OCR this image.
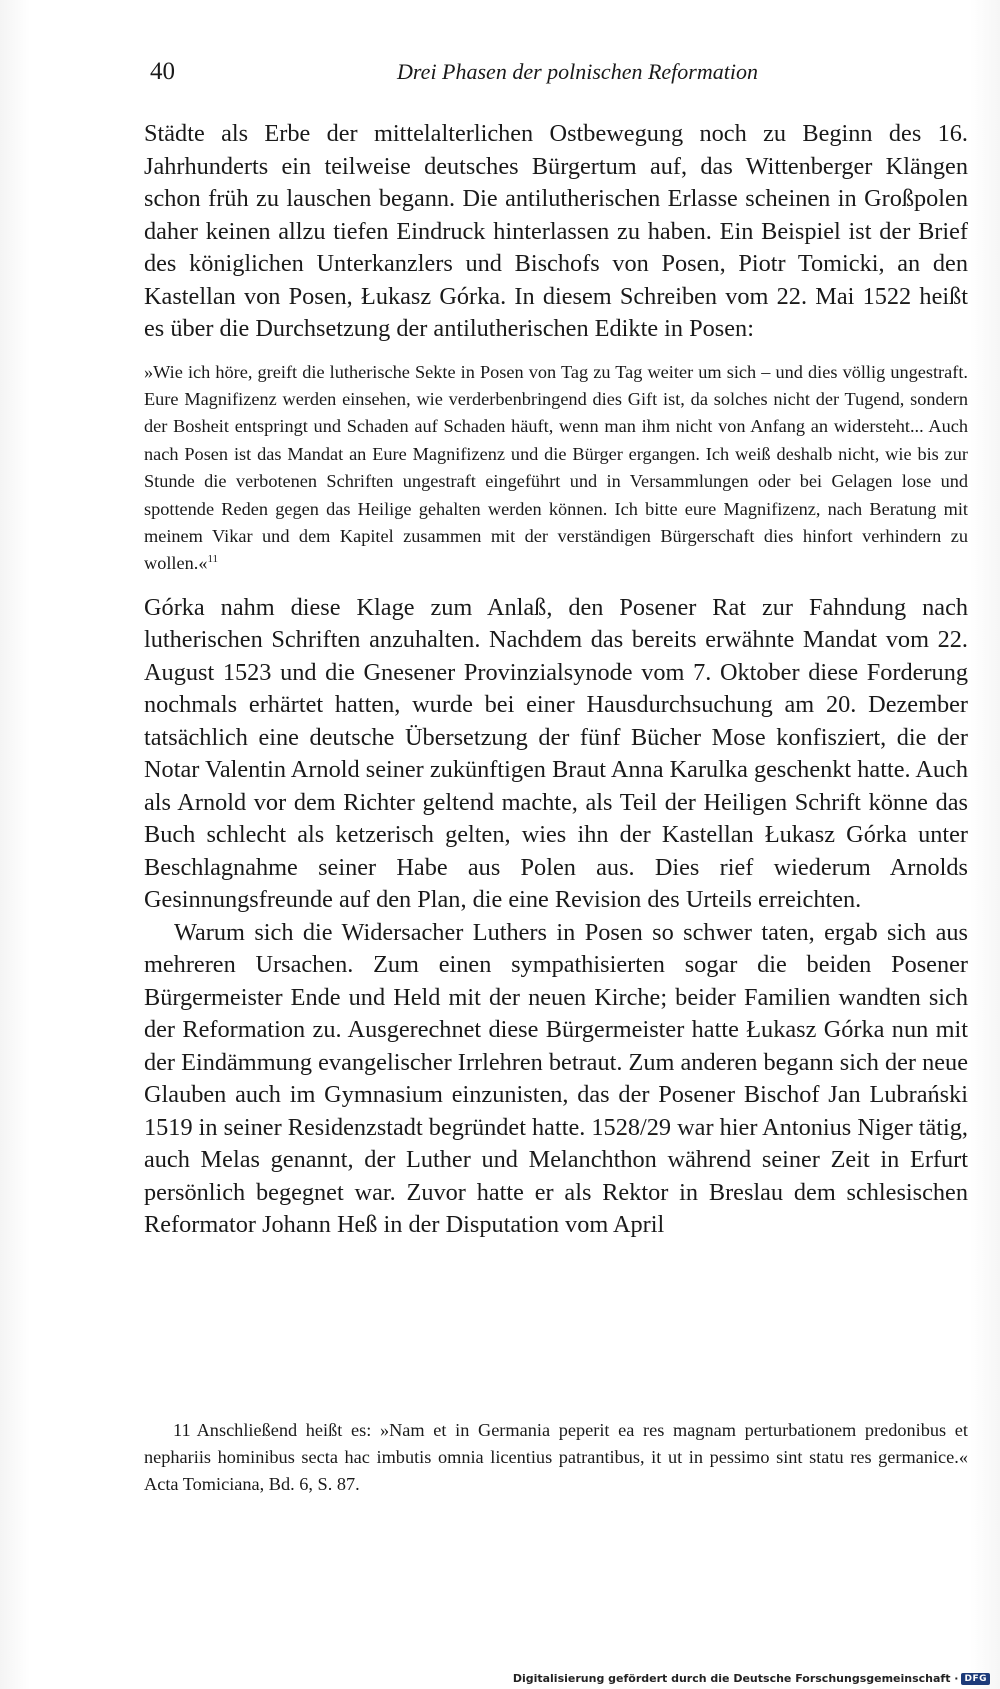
40	Drei Phasen der polnischen Reformation

Städte als Erbe der mittelalterlichen Ostbewegung noch zu Beginn des 16. Jahrhunderts ein teilweise deutsches Bürgertum auf, das Wittenberger Klängen schon früh zu lauschen begann. Die antilutherischen Erlasse scheinen in Großpolen daher keinen allzu tiefen Eindruck hinterlassen zu haben. Ein Beispiel ist der Brief des königlichen Unterkanzlers und Bischofs von Posen, Piotr Tomicki, an den Kastellan von Posen, Łukasz Górka. In diesem Schreiben vom 22. Mai 1522 heißt es über die Durchsetzung der antilutherischen Edikte in Posen:

»Wie ich höre, greift die lutherische Sekte in Posen von Tag zu Tag weiter um sich – und dies völlig ungestraft. Eure Magnifizenz werden einsehen, wie verderbenbringend dies Gift ist, da solches nicht der Tugend, sondern der Bosheit entspringt und Schaden auf Schaden häuft, wenn man ihm nicht von Anfang an widersteht... Auch nach Posen ist das Mandat an Eure Magnifizenz und die Bürger ergangen. Ich weiß deshalb nicht, wie bis zur Stunde die verbotenen Schriften ungestraft eingeführt und in Versammlungen oder bei Gelagen lose und spottende Reden gegen das Heilige gehalten werden können. Ich bitte eure Magnifizenz, nach Beratung mit meinem Vikar und dem Kapitel zusammen mit der verständigen Bürgerschaft dies hinfort verhindern zu wollen.«$^{11}$

Górka nahm diese Klage zum Anlaß, den Posener Rat zur Fahndung nach lutherischen Schriften anzuhalten. Nachdem das bereits erwähnte Mandat vom 22. August 1523 und die Gnesener Provinzialsynode vom 7. Oktober diese Forderung nochmals erhärtet hatten, wurde bei einer Hausdurchsuchung am 20. Dezember tatsächlich eine deutsche Übersetzung der fünf Bücher Mose konfisziert, die der Notar Valentin Arnold seiner zukünftigen Braut Anna Karulka geschenkt hatte. Auch als Arnold vor dem Richter geltend machte, als Teil der Heiligen Schrift könne das Buch schlecht als ketzerisch gelten, wies ihn der Kastellan Łukasz Górka unter Beschlagnahme seiner Habe aus Polen aus. Dies rief wiederum Arnolds Gesinnungsfreunde auf den Plan, die eine Revision des Urteils erreichten.

Warum sich die Widersacher Luthers in Posen so schwer taten, ergab sich aus mehreren Ursachen. Zum einen sympathisierten sogar die beiden Posener Bürgermeister Ende und Held mit der neuen Kirche; beider Familien wandten sich der Reformation zu. Ausgerechnet diese Bürgermeister hatte Łukasz Górka nun mit der Eindämmung evangelischer Irrlehren betraut. Zum anderen begann sich der neue Glauben auch im Gymnasium einzunisten, das der Posener Bischof Jan Lubrański 1519 in seiner Residenzstadt begründet hatte. 1528/29 war hier Antonius Niger tätig, auch Melas genannt, der Luther und Melanchthon während seiner Zeit in Erfurt persönlich begegnet war. Zuvor hatte er als Rektor in Breslau dem schlesischen Reformator Johann Heß in der Disputation vom April

11 Anschließend heißt es: »Nam et in Germania peperit ea res magnam perturbationem predonibus et nephariis hominibus secta hac imbutis omnia licentius patrantibus, it ut in pessimo sint statu res germanice.« Acta Tomiciana, Bd. 6, S. 87.
Digitalisierung gefördert durch die Deutsche Forschungsgemeinschaft · DFG
